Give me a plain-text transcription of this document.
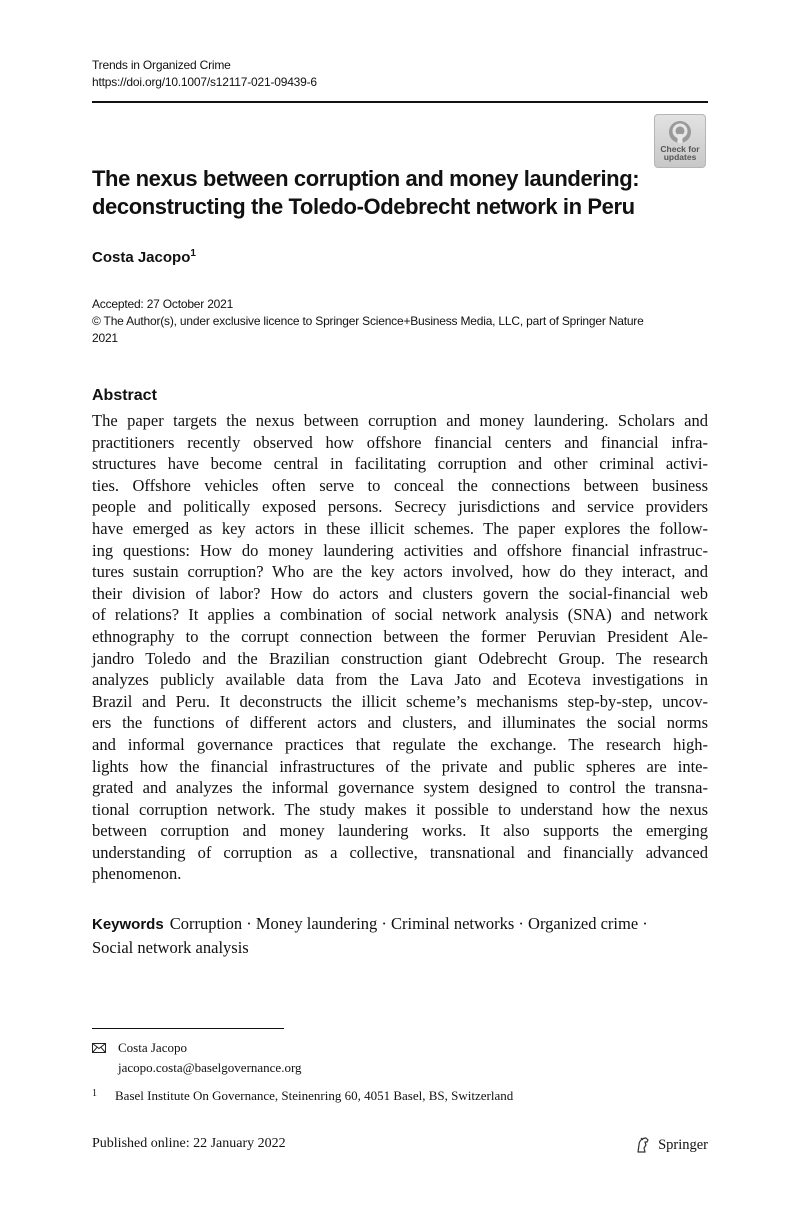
Trends in Organized Crime
https://doi.org/10.1007/s12117-021-09439-6
Check for
updates
The nexus between corruption and money laundering:
deconstructing the Toledo-Odebrecht network in Peru
Costa Jacopo$^1$
Accepted: 27 October 2021
© The Author(s), under exclusive licence to Springer Science+Business Media, LLC, part of Springer Nature
2021
Abstract
The paper targets the nexus between corruption and money laundering. Scholars and
practitioners recently observed how offshore financial centers and financial infra-
structures have become central in facilitating corruption and other criminal activi-
ties. Offshore vehicles often serve to conceal the connections between business
people and politically exposed persons. Secrecy jurisdictions and service providers
have emerged as key actors in these illicit schemes. The paper explores the follow-
ing questions: How do money laundering activities and offshore financial infrastruc-
tures sustain corruption? Who are the key actors involved, how do they interact, and
their division of labor? How do actors and clusters govern the social-financial web
of relations? It applies a combination of social network analysis (SNA) and network
ethnography to the corrupt connection between the former Peruvian President Ale-
jandro Toledo and the Brazilian construction giant Odebrecht Group. The research
analyzes publicly available data from the Lava Jato and Ecoteva investigations in
Brazil and Peru. It deconstructs the illicit scheme’s mechanisms step-by-step, uncov-
ers the functions of different actors and clusters, and illuminates the social norms
and informal governance practices that regulate the exchange. The research high-
lights how the financial infrastructures of the private and public spheres are inte-
grated and analyzes the informal governance system designed to control the transna-
tional corruption network. The study makes it possible to understand how the nexus
between corruption and money laundering works. It also supports the emerging
understanding of corruption as a collective, transnational and financially advanced
phenomenon.
Keywords Corruption · Money laundering · Criminal networks · Organized crime ·
Social network analysis
Costa Jacopo
jacopo.costa@baselgovernance.org
$^1$ Basel Institute On Governance, Steinenring 60, 4051 Basel, BS, Switzerland
Published online: 22 January 2022	Springer
